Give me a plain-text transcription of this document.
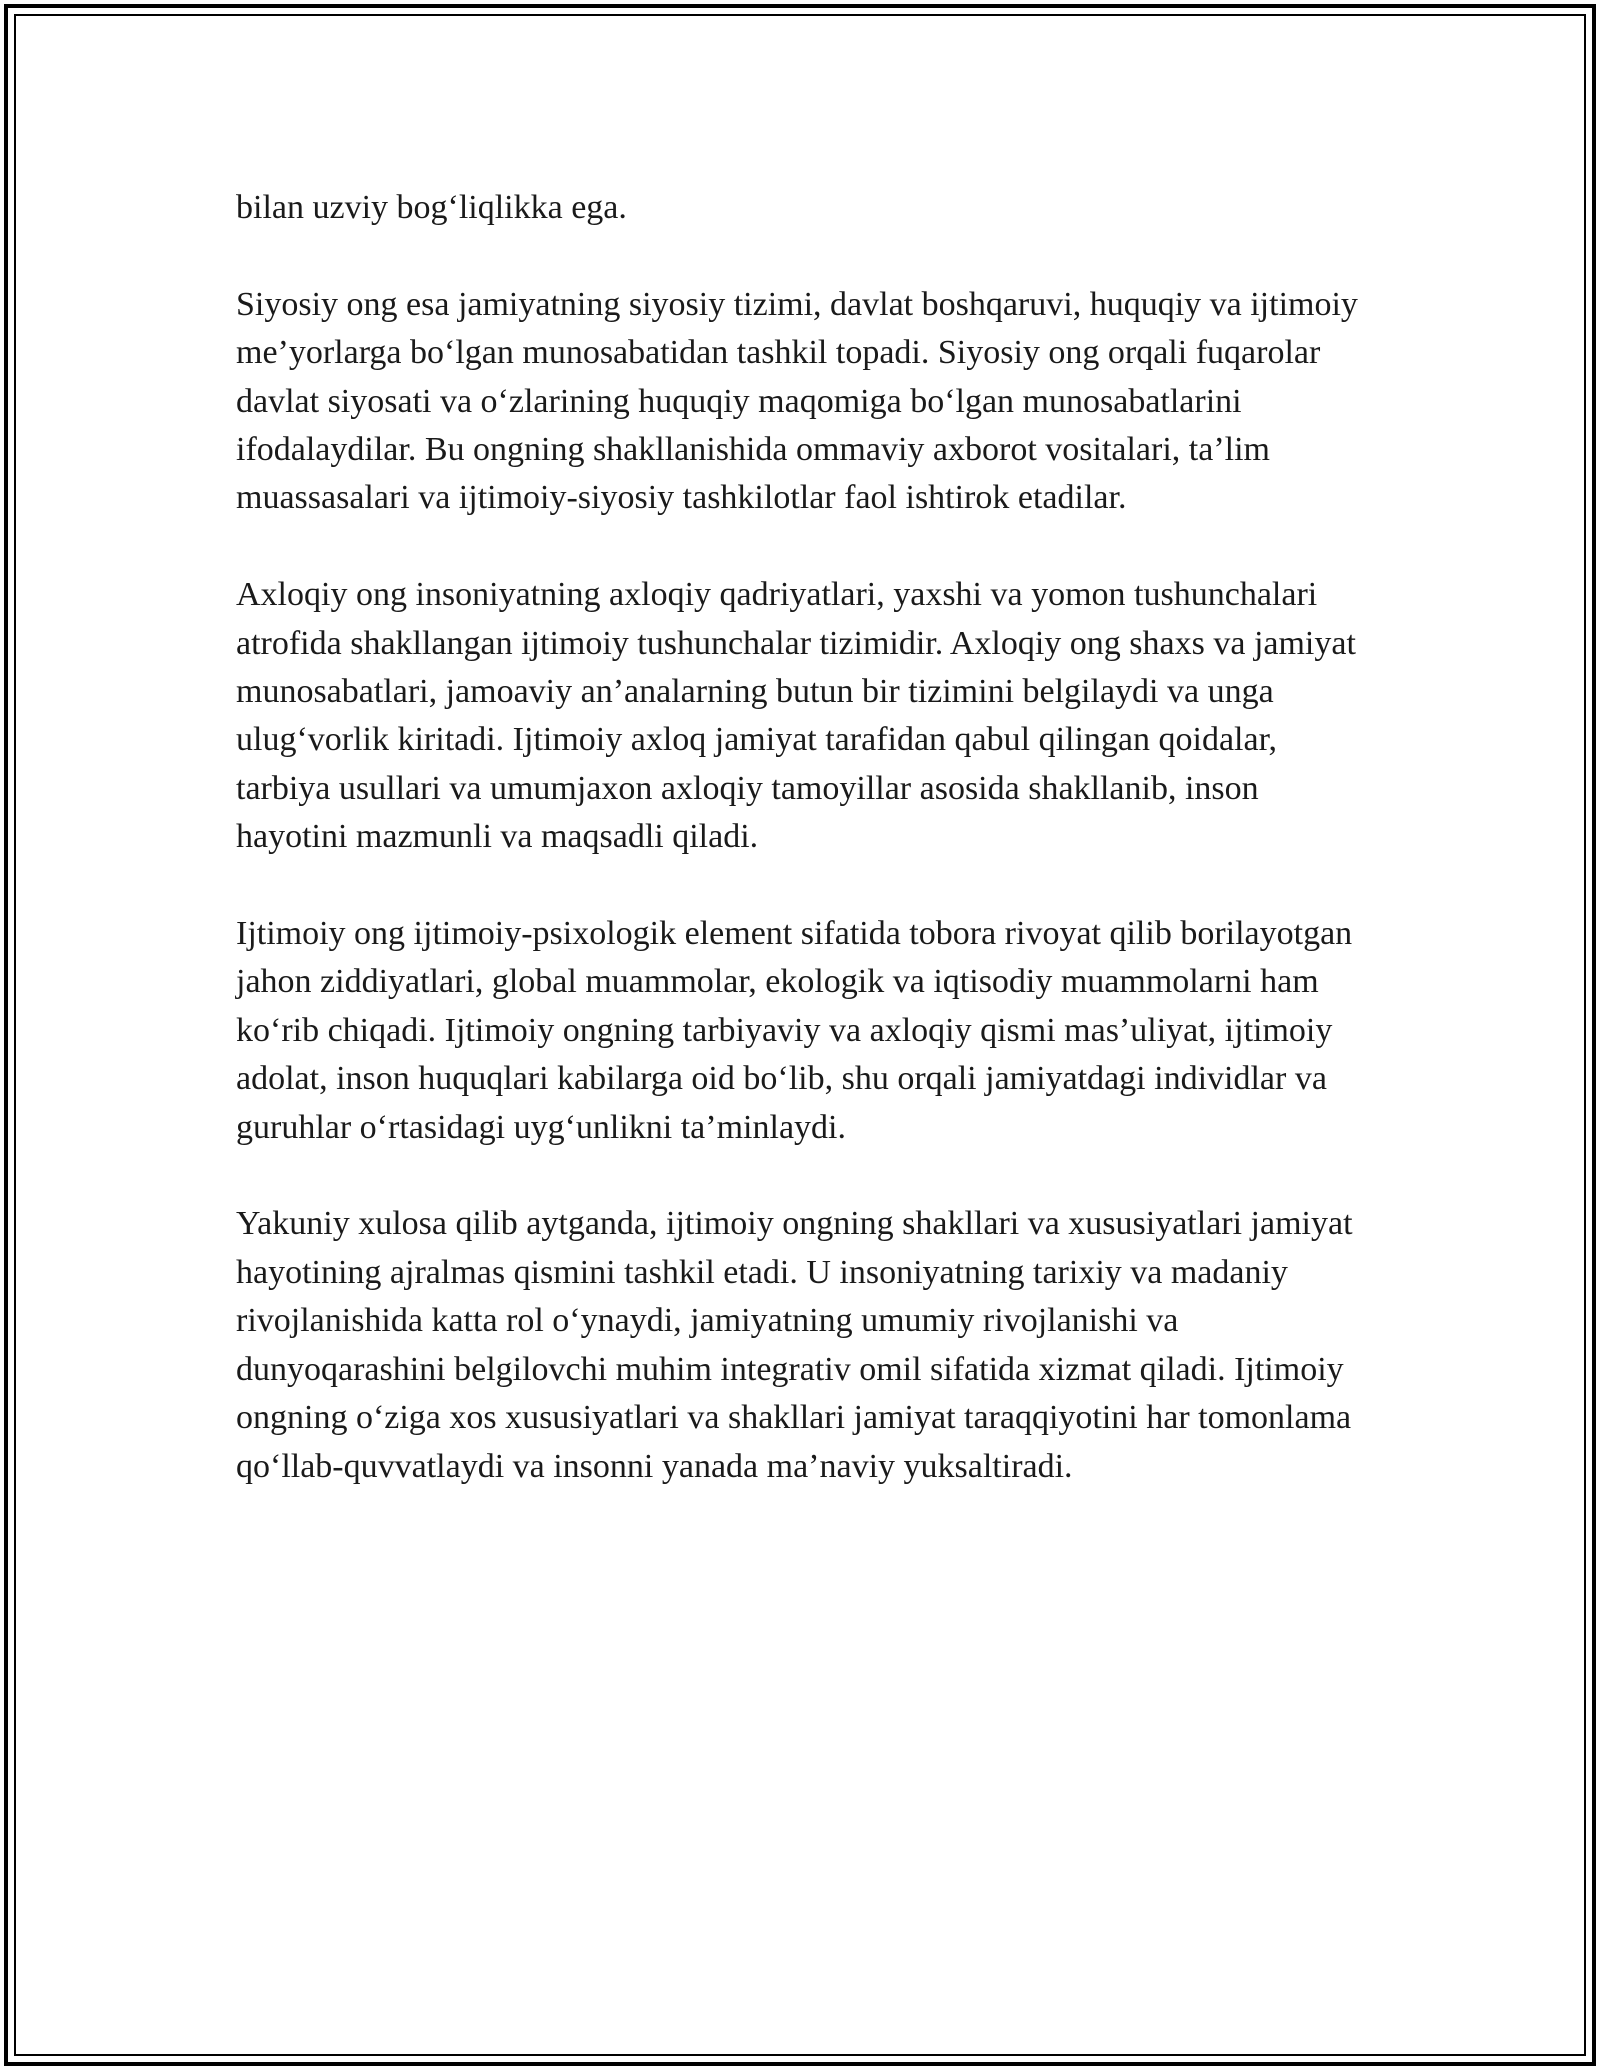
bilan uzviy bog‘liqlikka ega.

Siyosiy ong esa jamiyatning siyosiy tizimi, davlat boshqaruvi, huquqiy va ijtimoiy me’yorlarga bo‘lgan munosabatidan tashkil topadi. Siyosiy ong orqali fuqarolar davlat siyosati va o‘zlarining huquqiy maqomiga bo‘lgan munosabatlarini ifodalaydilar. Bu ongning shakllanishida ommaviy axborot vositalari, ta’lim muassasalari va ijtimoiy-siyosiy tashkilotlar faol ishtirok etadilar.

Axloqiy ong insoniyatning axloqiy qadriyatlari, yaxshi va yomon tushunchalari atrofida shakllangan ijtimoiy tushunchalar tizimidir. Axloqiy ong shaxs va jamiyat munosabatlari, jamoaviy an’analarning butun bir tizimini belgilaydi va unga ulug‘vorlik kiritadi. Ijtimoiy axloq jamiyat tarafidan qabul qilingan qoidalar, tarbiya usullari va umumjaxon axloqiy tamoyillar asosida shakllanib, inson hayotini mazmunli va maqsadli qiladi.

Ijtimoiy ong ijtimoiy-psixologik element sifatida tobora rivoyat qilib borilayotgan jahon ziddiyatlari, global muammolar, ekologik va iqtisodiy muammolarni ham ko‘rib chiqadi. Ijtimoiy ongning tarbiyaviy va axloqiy qismi mas’uliyat, ijtimoiy adolat, inson huquqlari kabilarga oid bo‘lib, shu orqali jamiyatdagi individlar va guruhlar o‘rtasidagi uyg‘unlikni ta’minlaydi.

Yakuniy xulosa qilib aytganda, ijtimoiy ongning shakllari va xususiyatlari jamiyat hayotining ajralmas qismini tashkil etadi. U insoniyatning tarixiy va madaniy rivojlanishida katta rol o‘ynaydi, jamiyatning umumiy rivojlanishi va dunyoqarashini belgilovchi muhim integrativ omil sifatida xizmat qiladi. Ijtimoiy ongning o‘ziga xos xususiyatlari va shakllari jamiyat taraqqiyotini har tomonlama qo‘llab-quvvatlaydi va insonni yanada ma’naviy yuksaltiradi.
